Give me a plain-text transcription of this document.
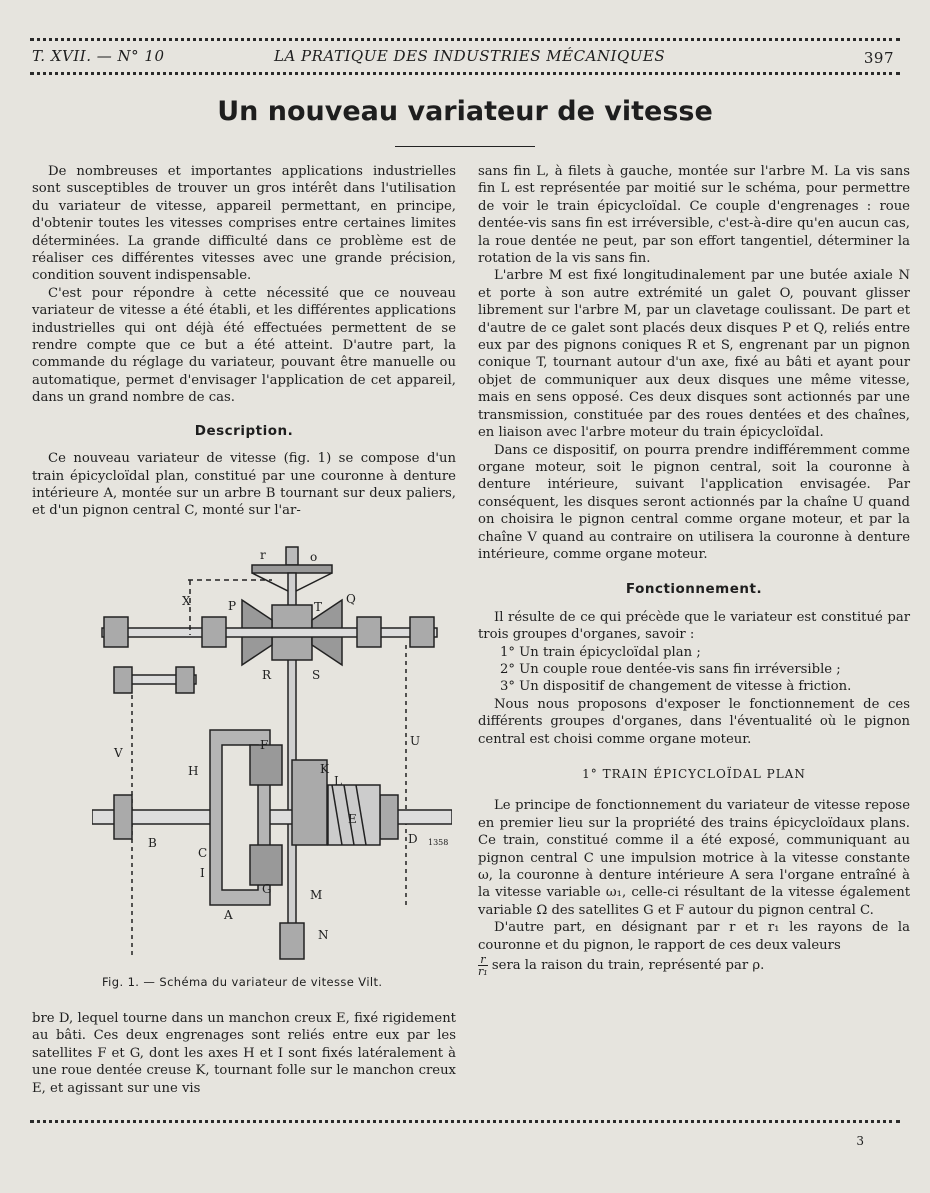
T. XVII. — N° 10	LA PRATIQUE DES INDUSTRIES MÉCANIQUES	397
Un nouveau variateur de vitesse

De nombreuses et importantes applications industrielles sont susceptibles de trouver un gros intérêt dans l'utilisation du variateur de vitesse, appareil permettant, en principe, d'obtenir toutes les vitesses comprises entre certaines limites déterminées. La grande difficulté dans ce problème est de réaliser ces différentes vitesses avec une grande précision, condition souvent indispensable.

C'est pour répondre à cette nécessité que ce nouveau variateur de vitesse a été établi, et les différentes applications industrielles qui ont déjà été effectuées permettent de se rendre compte que ce but a été atteint. D'autre part, la commande du réglage du variateur, pouvant être manuelle ou automatique, permet d'envisager l'application de cet appareil, dans un grand nombre de cas.

Description.

Ce nouveau variateur de vitesse (fig. 1) se compose d'un train épicycloïdal plan, constitué par une couronne à denture intérieure A, montée sur un arbre B tournant sur deux paliers, et d'un pignon central C, monté sur l'ar-

r	o
X	P	T
Q
R	S
V
U
F
H	K
L
E
D
B
C
I
G	M
A
N
1358
Fig. 1. — Schéma du variateur de vitesse Vilt.

bre D, lequel tourne dans un manchon creux E, fixé rigidement au bâti. Ces deux engrenages sont reliés entre eux par les satellites F et G, dont les axes H et I sont fixés latéralement à une roue dentée creuse K, tournant folle sur le manchon creux E, et agissant sur une vis

sans fin L, à filets à gauche, montée sur l'arbre M. La vis sans fin L est représentée par moitié sur le schéma, pour permettre de voir le train épicycloïdal. Ce couple d'engrenages : roue dentée-vis sans fin est irréversible, c'est-à-dire qu'en aucun cas, la roue dentée ne peut, par son effort tangentiel, déterminer la rotation de la vis sans fin.

L'arbre M est fixé longitudinalement par une butée axiale N et porte à son autre extrémité un galet O, pouvant glisser librement sur l'arbre M, par un clavetage coulissant. De part et d'autre de ce galet sont placés deux disques P et Q, reliés entre eux par des pignons coniques R et S, engrenant par un pignon conique T, tournant autour d'un axe, fixé au bâti et ayant pour objet de communiquer aux deux disques une même vitesse, mais en sens opposé. Ces deux disques sont actionnés par une transmission, constituée par des roues dentées et des chaînes, en liaison avec l'arbre moteur du train épicycloïdal.

Dans ce dispositif, on pourra prendre indifféremment comme organe moteur, soit le pignon central, soit la couronne à denture intérieure, suivant l'application envisagée. Par conséquent, les disques seront actionnés par la chaîne U quand on choisira le pignon central comme organe moteur, et par la chaîne V quand au contraire on utilisera la couronne à denture intérieure, comme organe moteur.

Fonctionnement.

Il résulte de ce qui précède que le variateur est constitué par trois groupes d'organes, savoir :

1° Un train épicycloïdal plan ;

2° Un couple roue dentée-vis sans fin irréversible ;

3° Un dispositif de changement de vitesse à friction.

Nous nous proposons d'exposer le fonctionnement de ces différents groupes d'organes, dans l'éventualité où le pignon central est choisi comme organe moteur.

1° TRAIN ÉPICYCLOÏDAL PLAN

Le principe de fonctionnement du variateur de vitesse repose en premier lieu sur la propriété des trains épicycloïdaux plans. Ce train, constitué comme il a été exposé, communiquant au pignon central C une impulsion motrice à la vitesse constante ω, la couronne à denture intérieure A sera l'organe entraîné à la vitesse variable ω₁, celle-ci résultant de la vitesse également variable Ω des satellites G et F autour du pignon central C.

D'autre part, en désignant par r et r₁ les rayons de la couronne et du pignon, le rapport de ces deux valeurs

$\frac{r}{\text{r₁}}$ sera la raison du train, représenté par ρ.

3
